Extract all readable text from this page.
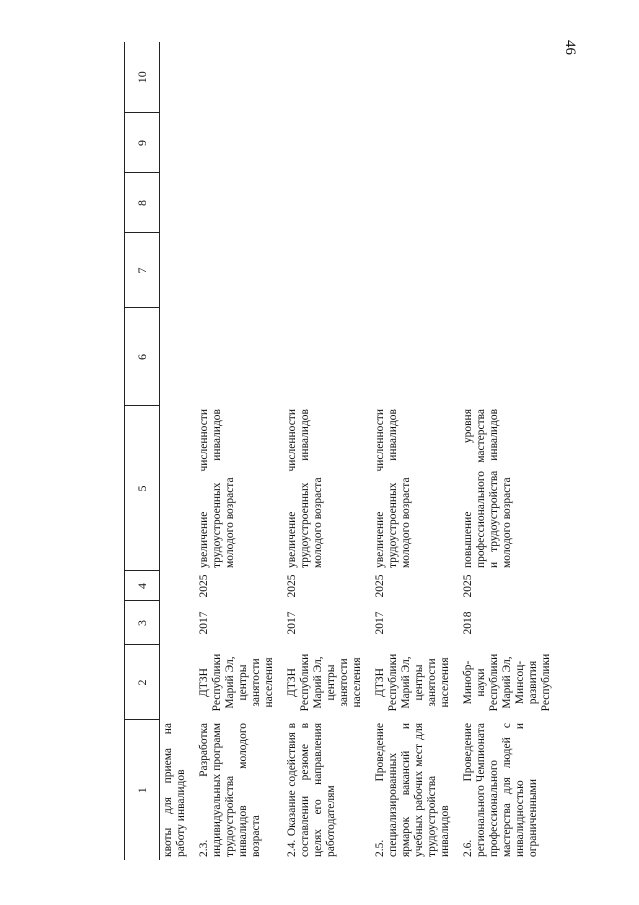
46
1	2	3	4	5	6	7	8	9	10
квоты для приема на работу инвалидов									
2.3. Разработка индивидуальных программ трудоустройства инвалидов молодого возраста	ДТЗН Республики Марий Эл, центры занятости населения	2017	2025	увеличение численности трудоустроенных инвалидов молодого возраста					
2.4. Оказание содействия в составлении резюме в целях его направления работодателям	ДТЗН Республики Марий Эл, центры занятости населения	2017	2025	увеличение численности трудоустроенных инвалидов молодого возраста					
2.5. Проведение специализированных ярмарок вакансий и учебных рабочих мест для трудоустройства инвалидов	ДТЗН Республики Марий Эл, центры занятости населения	2017	2025	увеличение численности трудоустроенных инвалидов молодого возраста					
2.6. Проведение регионального Чемпионата профессионального мастерства для людей с инвалидностью и ограниченными	Минобр-науки Республики Марий Эл, Минсоц-развития Республики	2018	2025	повышение уровня профессионального мастерства и трудоустройства инвалидов молодого возраста					
